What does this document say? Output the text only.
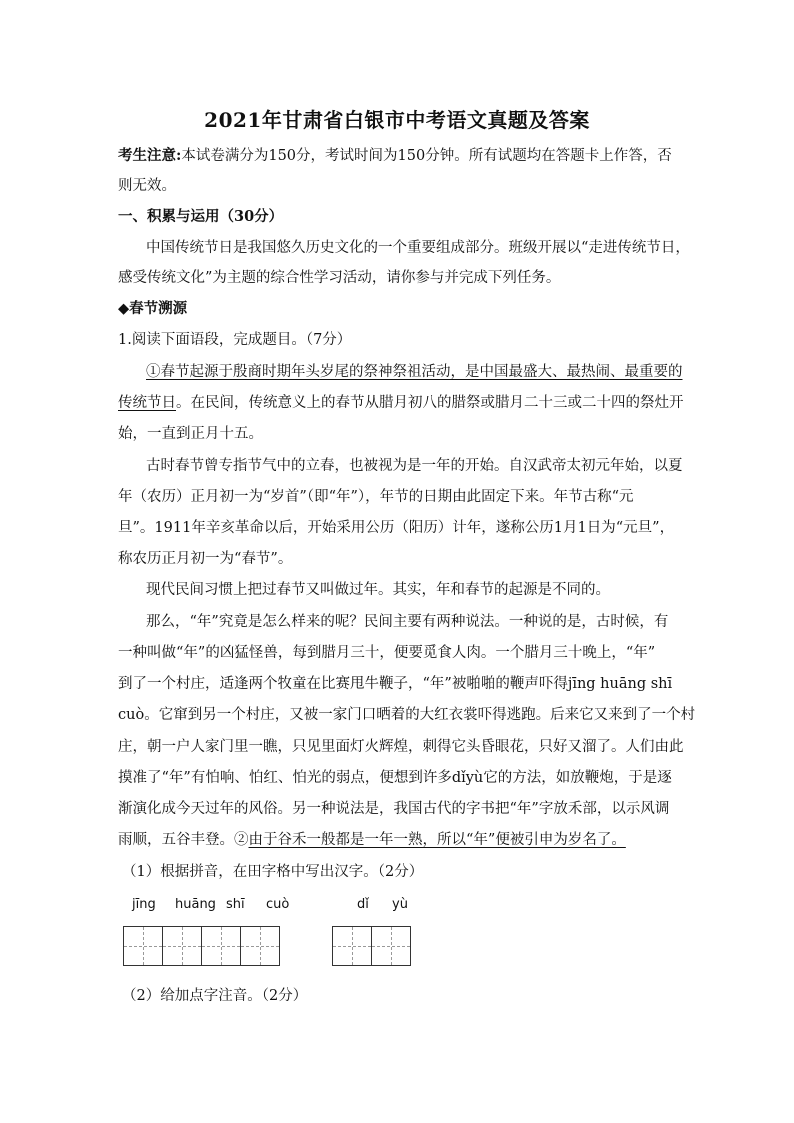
2021年甘肃省白银市中考语文真题及答案
考生注意:本试卷满分为150分，考试时间为150分钟。所有试题均在答题卡上作答，否
则无效。
一、积累与运用（30分）
中国传统节日是我国悠久历史文化的一个重要组成部分。班级开展以“走进传统节日，
感受传统文化”为主题的综合性学习活动，请你参与并完成下列任务。
◆春节溯源
1.阅读下面语段，完成题目。（7分）
①春节起源于殷商时期年头岁尾的祭神祭祖活动，是中国最盛大、最热闹、最重要的
传统节日。在民间，传统意义上的春节从腊月初八的腊祭或腊月二十三或二十四的祭灶开
始，一直到正月十五。
古时春节曾专指节气中的立春，也被视为是一年的开始。自汉武帝太初元年始，以夏
年（农历）正月初一为“岁首”（即“年”），年节的日期由此固定下来。年节古称“元
旦”。1911年辛亥革命以后，开始采用公历（阳历）计年，遂称公历1月1日为“元旦”，
称农历正月初一为“春节”。
现代民间习惯上把过春节又叫做过年。其实，年和春节的起源是不同的。
那么，“年”究竟是怎么样来的呢？民间主要有两种说法。一种说的是，古时候，有
一种叫做“年”的凶猛怪兽，每到腊月三十，便要觅食人肉。一个腊月三十晚上，“年”
到了一个村庄，适逢两个牧童在比赛甩牛鞭子，“年”被啪啪的鞭声吓得jīng huāng shī
cuò。它窜到另一个村庄，又被一家门口晒着的大红衣裳吓得逃跑。后来它又来到了一个村
庄，朝一户人家门里一瞧，只见里面灯火辉煌，刺得它头昏眼花，只好又溜了。人们由此
摸准了“年”有怕响、怕红、怕光的弱点，便想到许多dǐyù它的方法，如放鞭炮，于是逐
渐演化成今天过年的风俗。另一种说法是，我国古代的字书把“年”字放禾部，以示风调
雨顺，五谷丰登。②由于谷禾一般都是一年一熟，所以“年”便被引申为岁名了。
（1）根据拼音，在田字格中写出汉字。（2分）
jīng huāng shī cuò	dǐ yù
（2）给加点字注音。（2分）
